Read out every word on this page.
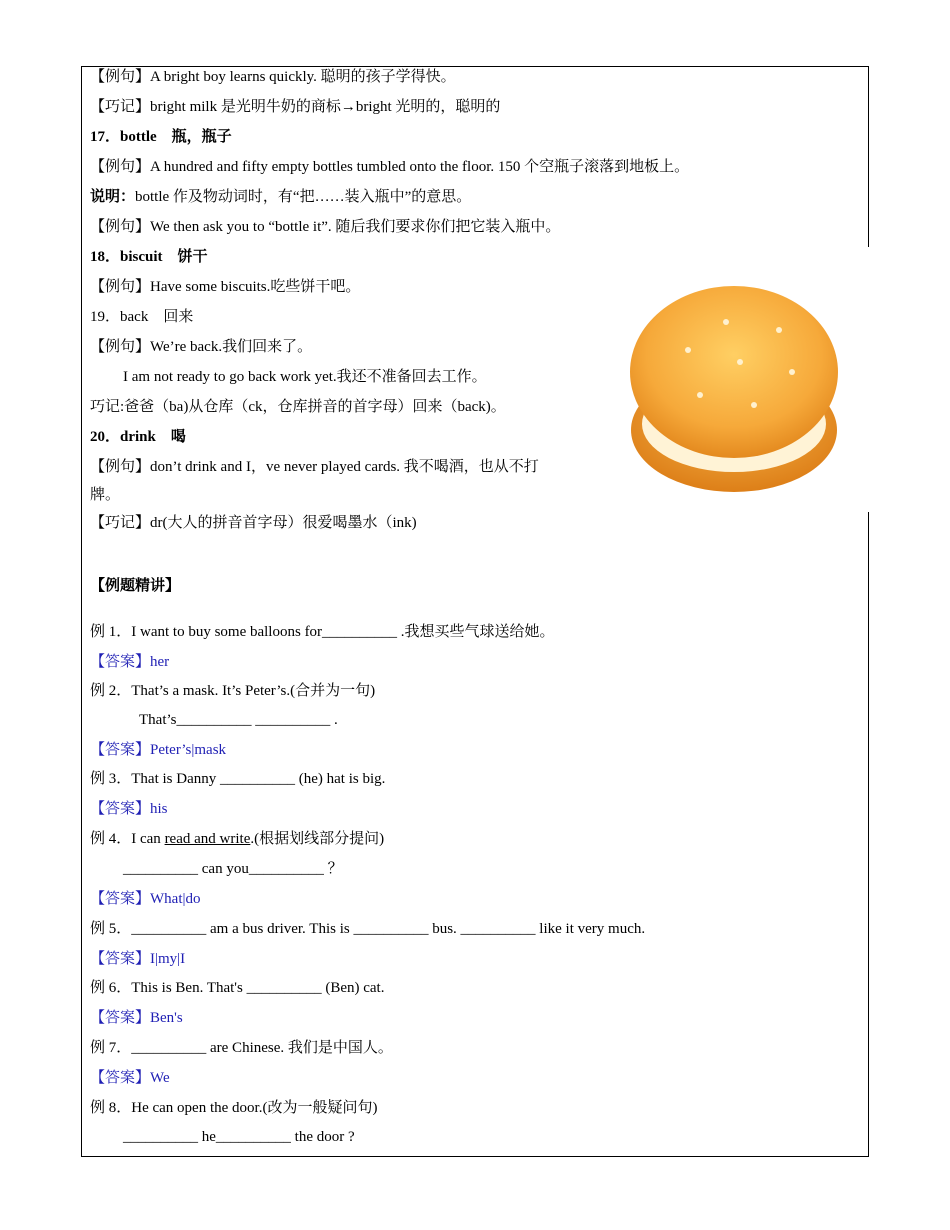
【例句】A bright boy learns quickly. 聪明的孩子学得快。
【巧记】bright milk 是光明牛奶的商标→bright 光明的，聪明的
17．bottle　瓶，瓶子
【例句】A hundred and fifty empty bottles tumbled onto the floor. 150 个空瓶子滚落到地板上。
说明：bottle 作及物动词时，有“把……装入瓶中”的意思。
【例句】We then ask you to “bottle it”. 随后我们要求你们把它装入瓶中。
18．biscuit　饼干
【例句】Have some biscuits.吃些饼干吧。
19．back　回来
【例句】We’re back.我们回来了。
I am not ready to go back work yet.我还不准备回去工作。
巧记:爸爸（ba)从仓库（ck，仓库拼音的首字母）回来（back)。
20．drink　喝
【例句】don’t drink and I，ve never played cards. 我不喝酒，也从不打
牌。
【巧记】dr(大人的拼音首字母）很爱喝墨水（ink)
【例题精讲】
例 1．I want to buy some balloons for__________ .我想买些气球送给她。
【答案】her
例 2．That’s a mask. It’s Peter’s.(合并为一句)
That’s__________ __________ .
【答案】Peter’s|mask
例 3．That is Danny __________ (he) hat is big.
【答案】his
例 4．I can read and write.(根据划线部分提问)
__________ can you__________ ？
【答案】What|do
例 5．__________ am a bus driver. This is __________ bus. __________ like it very much.
【答案】I|my|I
例 6．This is Ben. That's __________ (Ben) cat.
【答案】Ben's
例 7．__________ are Chinese. 我们是中国人。
【答案】We
例 8．He can open the door.(改为一般疑问句)
__________ he__________ the door ?
